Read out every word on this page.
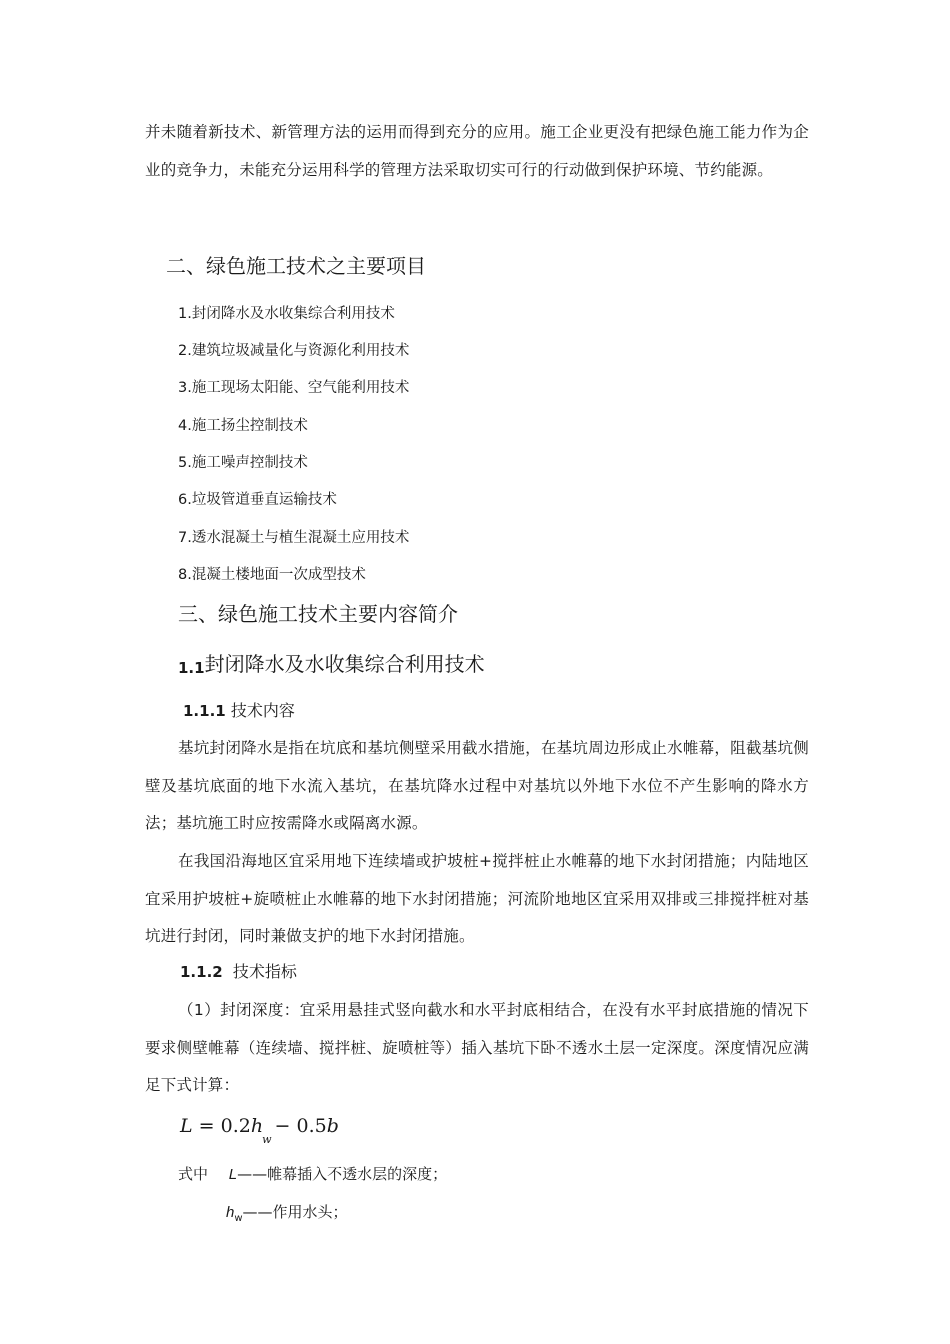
并未随着新技术、新管理方法的运用而得到充分的应用。施工企业更没有把绿色施工能力作为企业的竞争力，未能充分运用科学的管理方法采取切实可行的行动做到保护环境、节约能源。
二、绿色施工技术之主要项目
1.封闭降水及水收集综合利用技术
2.建筑垃圾减量化与资源化利用技术
3.施工现场太阳能、空气能利用技术
4.施工扬尘控制技术
5.施工噪声控制技术
6.垃圾管道垂直运输技术
7.透水混凝土与植生混凝土应用技术
8.混凝土楼地面一次成型技术
三、绿色施工技术主要内容简介
1.1封闭降水及水收集综合利用技术
1.1.1 技术内容
基坑封闭降水是指在坑底和基坑侧壁采用截水措施，在基坑周边形成止水帷幕，阻截基坑侧壁及基坑底面的地下水流入基坑，在基坑降水过程中对基坑以外地下水位不产生影响的降水方法；基坑施工时应按需降水或隔离水源。
在我国沿海地区宜采用地下连续墙或护坡桩+搅拌桩止水帷幕的地下水封闭措施；内陆地区宜采用护坡桩+旋喷桩止水帷幕的地下水封闭措施；河流阶地地区宜采用双排或三排搅拌桩对基坑进行封闭，同时兼做支护的地下水封闭措施。
1.1.2 技术指标
（1）封闭深度：宜采用悬挂式竖向截水和水平封底相结合，在没有水平封底措施的情况下要求侧壁帷幕（连续墙、搅拌桩、旋喷桩等）插入基坑下卧不透水土层一定深度。深度情况应满足下式计算：
$L = 0.2h_w- 0.5b$
式中 L——帷幕插入不透水层的深度；
$h_w——$作用水头；
